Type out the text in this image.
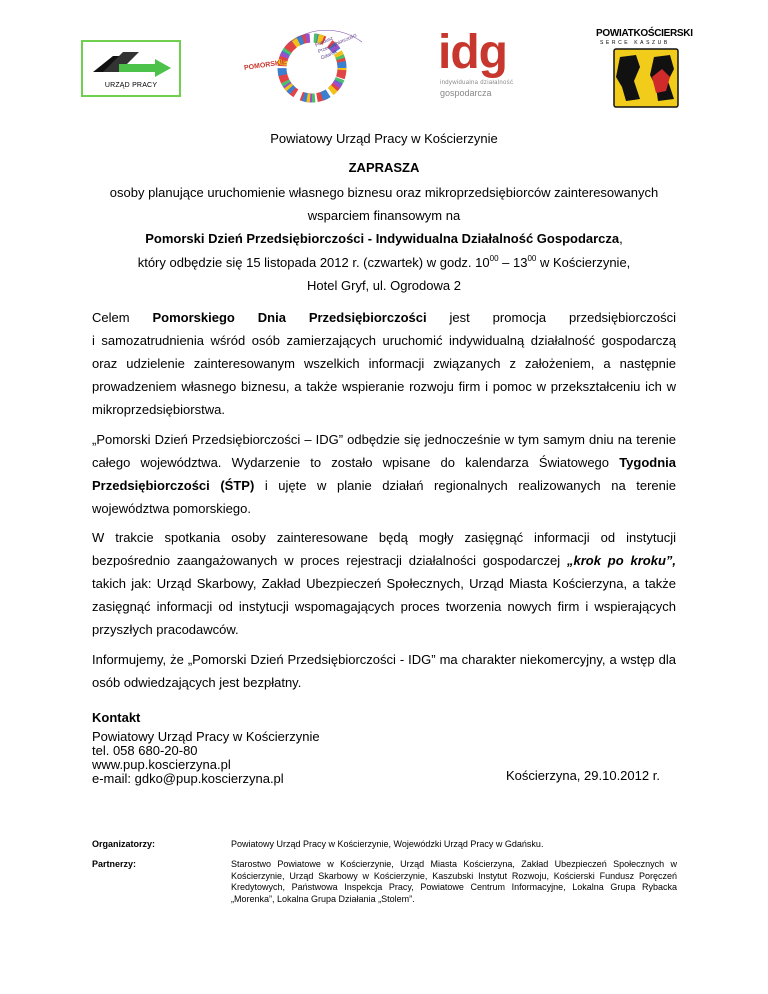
URZĄD PRACY
POMORSKIE
Fundusz Przedsiębiorczości Gdańsk	idg
indywidualna działalność
gospodarcza
POWIATKOŚCIERSKI
SERCE KASZUB
Powiatowy Urząd Pracy w Kościerzynie
ZAPRASZA
osoby planujące uruchomienie własnego biznesu oraz mikroprzedsiębiorców zainteresowanych
wsparciem finansowym na
Pomorski Dzień Przedsiębiorczości - Indywidualna Działalność Gospodarcza,
który odbędzie się 15 listopada 2012 r. (czwartek) w godz. $10^{00} - 13^{00}$ w Kościerzynie,
Hotel Gryf, ul. Ogrodowa 2
Celem Pomorskiego Dnia Przedsiębiorczości jest promocja przedsiębiorczości
i samozatrudnienia wśród osób zamierzających uruchomić indywidualną działalność gospodarczą oraz udzielenie zainteresowanym wszelkich informacji związanych z założeniem, a następnie prowadzeniem własnego biznesu, a także wspieranie rozwoju firm i pomoc w przekształceniu ich w mikroprzedsiębiorstwa.
„Pomorski Dzień Przedsiębiorczości – IDG” odbędzie się jednocześnie w tym samym dniu na terenie całego województwa. Wydarzenie to zostało wpisane do kalendarza Światowego Tygodnia Przedsiębiorczości (ŚTP) i ujęte w planie działań regionalnych realizowanych na terenie województwa pomorskiego.
W trakcie spotkania osoby zainteresowane będą mogły zasięgnąć informacji od instytucji bezpośrednio zaangażowanych w proces rejestracji działalności gospodarczej „krok po kroku”, takich jak: Urząd Skarbowy, Zakład Ubezpieczeń Społecznych, Urząd Miasta Kościerzyna, a także zasięgnąć informacji od instytucji wspomagających proces tworzenia nowych firm i wspierających przyszłych pracodawców.
Informujemy, że „Pomorski Dzień Przedsiębiorczości - IDG” ma charakter niekomercyjny, a wstęp dla osób odwiedzających jest bezpłatny.
Kontakt
Powiatowy Urząd Pracy w Kościerzynie
tel. 058 680-20-80
www.pup.koscierzyna.pl
e-mail: gdko@pup.koscierzyna.pl	Kościerzyna, 29.10.2012 r.
Organizatorzy:	Powiatowy Urząd Pracy w Kościerzynie, Wojewódzki Urząd Pracy w Gdańsku.
Partnerzy:	Starostwo Powiatowe w Kościerzynie, Urząd Miasta Kościerzyna, Zakład Ubezpieczeń Społecznych w Kościerzynie, Urząd Skarbowy w Kościerzynie, Kaszubski Instytut Rozwoju, Kościerski Fundusz Poręczeń Kredytowych, Państwowa Inspekcja Pracy, Powiatowe Centrum Informacyjne, Lokalna Grupa Rybacka „Morenka”, Lokalna Grupa Działania „Stolem”.
